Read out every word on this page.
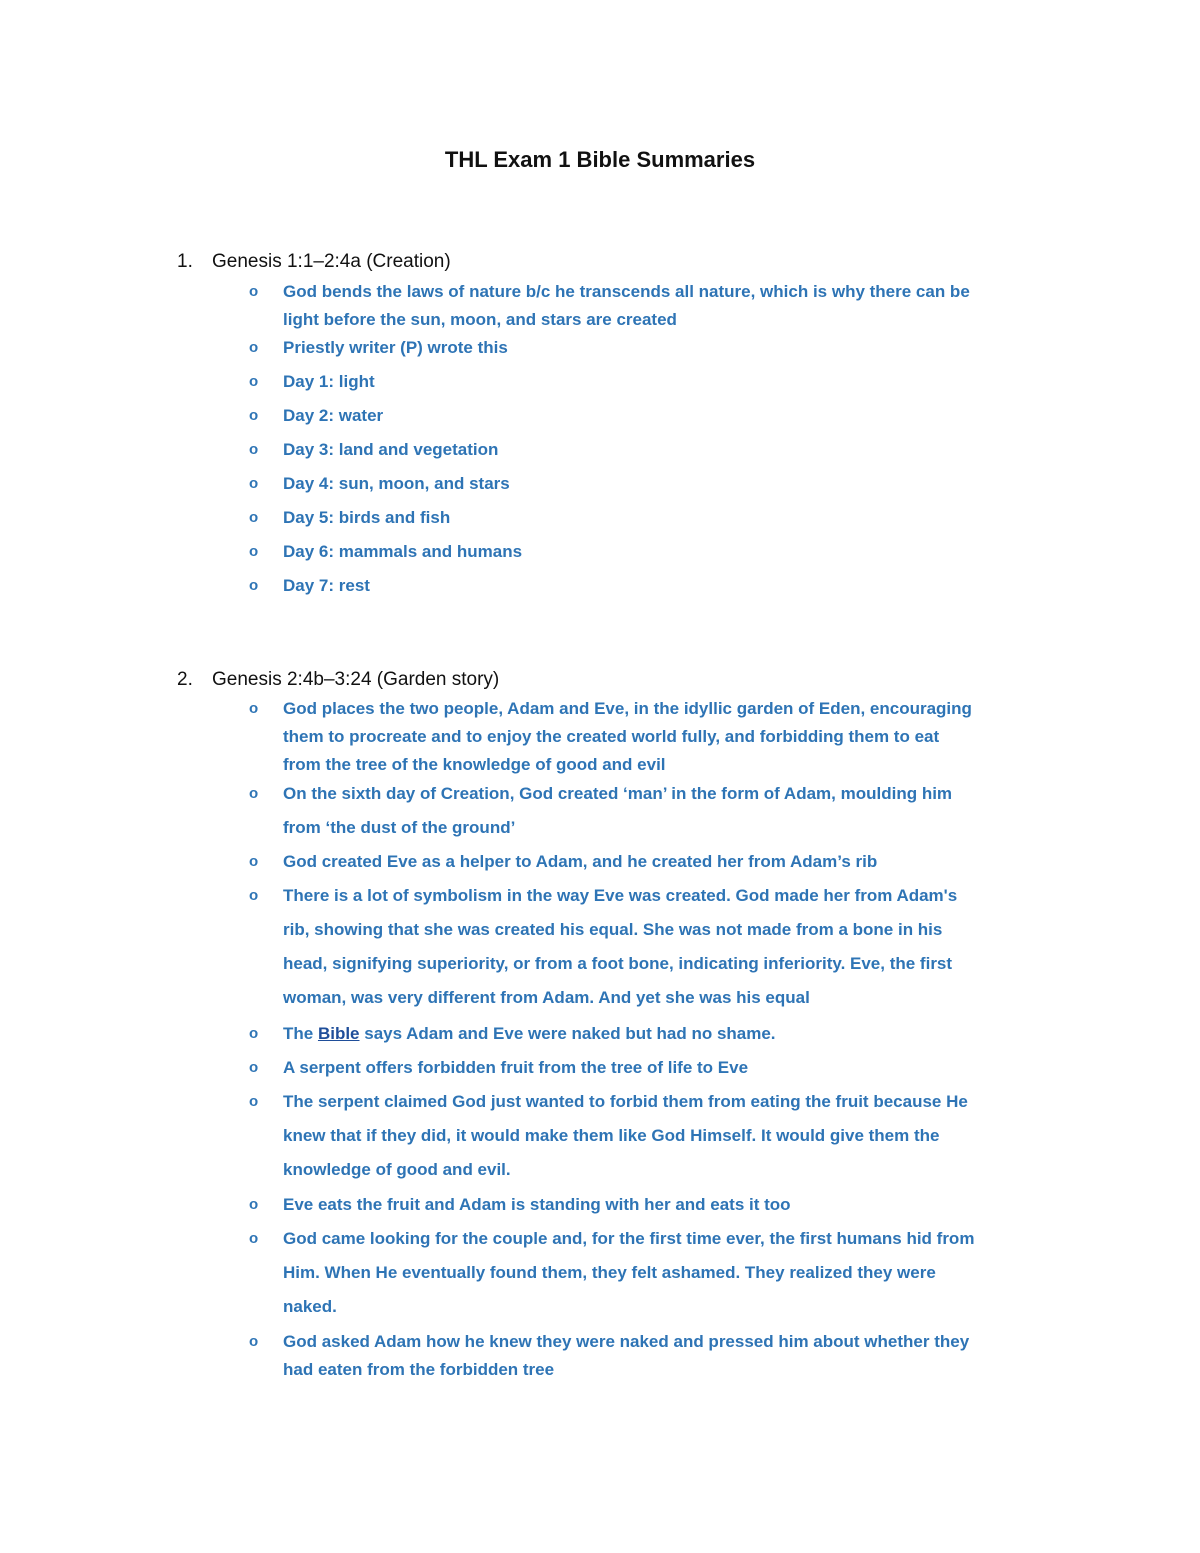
THL Exam 1 Bible Summaries
1. Genesis 1:1–2:4a (Creation)
o God bends the laws of nature b/c he transcends all nature, which is why there can be
light before the sun, moon, and stars are created
o Priestly writer (P) wrote this
o Day 1: light
o Day 2: water
o Day 3: land and vegetation
o Day 4: sun, moon, and stars
o Day 5: birds and fish
o Day 6: mammals and humans
o Day 7: rest
2. Genesis 2:4b–3:24 (Garden story)
o God places the two people, Adam and Eve, in the idyllic garden of Eden, encouraging
them to procreate and to enjoy the created world fully, and forbidding them to eat
from the tree of the knowledge of good and evil
o On the sixth day of Creation, God created ‘man’ in the form of Adam, moulding him
from ‘the dust of the ground’
o God created Eve as a helper to Adam, and he created her from Adam’s rib
o There is a lot of symbolism in the way Eve was created. God made her from Adam's
rib, showing that she was created his equal. She was not made from a bone in his
head, signifying superiority, or from a foot bone, indicating inferiority. Eve, the first
woman, was very different from Adam. And yet she was his equal
o The Bible says Adam and Eve were naked but had no shame.
o A serpent offers forbidden fruit from the tree of life to Eve
o The serpent claimed God just wanted to forbid them from eating the fruit because He
knew that if they did, it would make them like God Himself. It would give them the
knowledge of good and evil.
o Eve eats the fruit and Adam is standing with her and eats it too
o God came looking for the couple and, for the first time ever, the first humans hid from
Him. When He eventually found them, they felt ashamed. They realized they were
naked.
o God asked Adam how he knew they were naked and pressed him about whether they
had eaten from the forbidden tree
